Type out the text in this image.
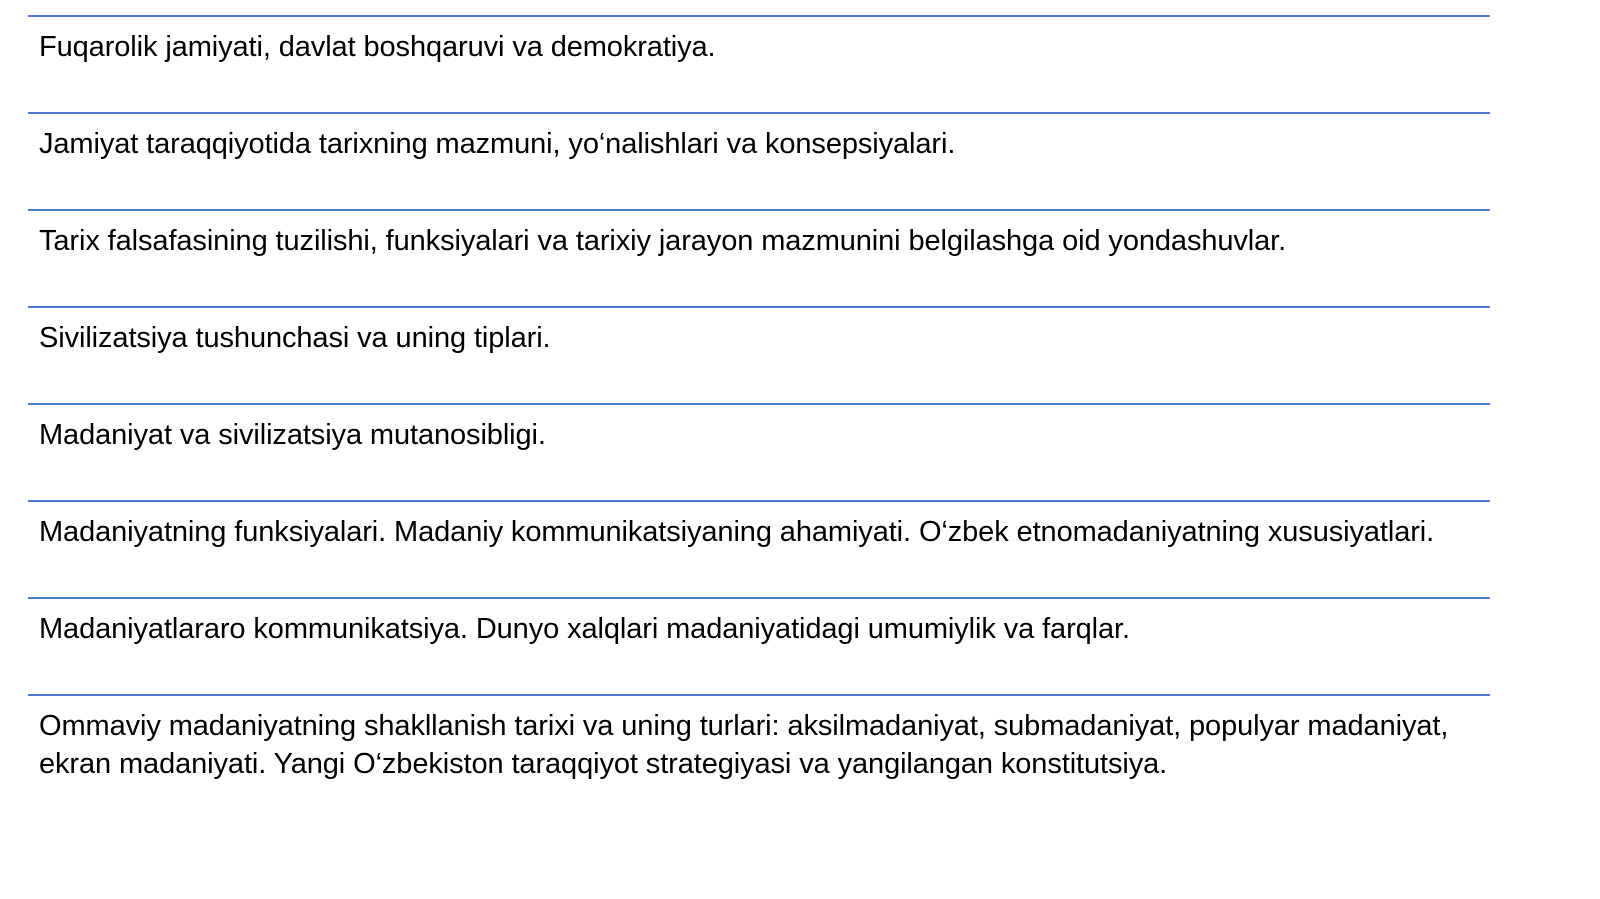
Fuqarolik jamiyati, davlat boshqaruvi va demokratiya.
Jamiyat taraqqiyotida tarixning mazmuni, yo‘nalishlari va konsepsiyalari.
Tarix falsafasining tuzilishi, funksiyalari va tarixiy jarayon mazmunini belgilashga oid yondashuvlar.
Sivilizatsiya tushunchasi va uning tiplari.
Madaniyat va sivilizatsiya mutanosibligi.
Madaniyatning funksiyalari. Madaniy kommunikatsiyaning ahamiyati. O‘zbek etnomadaniyatning xususiyatlari.
Madaniyatlararo kommunikatsiya. Dunyo xalqlari madaniyatidagi umumiylik va farqlar.
Ommaviy madaniyatning shakllanish tarixi va uning turlari: aksilmadaniyat, submadaniyat, populyar madaniyat, ekran madaniyati. Yangi O‘zbekiston taraqqiyot strategiyasi va yangilangan konstitutsiya.
